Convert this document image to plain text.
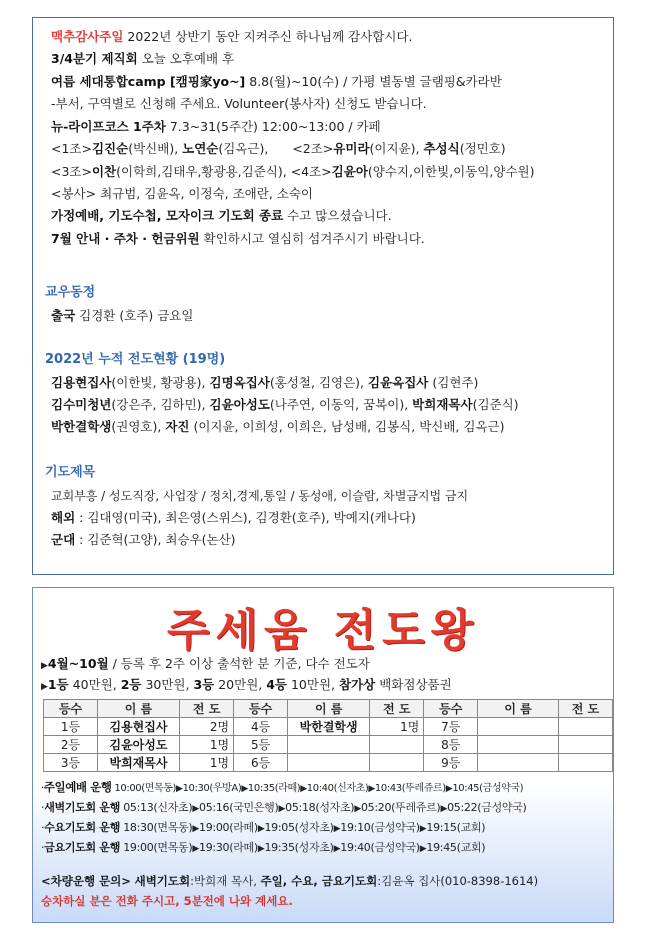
맥추감사주일 2022년 상반기 동안 지켜주신 하나님께 감사합시다.
3/4분기 제직회 오늘 오후예배 후
여름 세대통합camp [캠핑家yo~] 8.8(월)~10(수) / 가평 별동별 글램핑&카라반
-부서, 구역별로 신청해 주세요. Volunteer(봉사자) 신청도 받습니다.
뉴-라이프코스 1주차 7.3~31(5주간) 12:00~13:00 / 카페
<1조>김진순(박신배), 노연순(김옥근), <2조>유미라(이지윤), 추성식(정민호)
<3조>이찬(이학희,김태우,황광용,김준식), <4조>김윤아(양수지,이한빛,이동익,양수원)
<봉사> 최규범, 김윤옥, 이정숙, 조애란, 소숙이
가정예배, 기도수첩, 모자이크 기도회 종료 수고 많으셨습니다.
7월 안내 · 주차 · 헌금위원 확인하시고 열심히 섬겨주시기 바랍니다.
교우동정
출국 김경환 (호주) 금요일
2022년 누적 전도현황 (19명)
김용현집사(이한빛, 황광용), 김명옥집사(홍성철, 김영은), 김윤옥집사 (김현주)
김수미청년(강은주, 김하민), 김윤아성도(나주연, 이동익, 꿈복이), 박희재목사(김준식)
박한결학생(권영호), 자진 (이지윤, 이희성, 이희은, 남성배, 김봉식, 박신배, 김옥근)
기도제목
교회부흥 / 성도직장, 사업장 / 정치,경제,통일 / 동성애, 이슬람, 차별금지법 금지
해외 : 김대영(미국), 최은영(스위스), 김경환(호주), 박예지(캐나다)
군대 : 김준혁(고양), 최승우(논산)
주세움 전도왕
▶4월~10월 / 등록 후 2주 이상 출석한 분 기준, 다수 전도자
▶1등 40만원, 2등 30만원, 3등 20만원, 4등 10만원, 참가상 백화점상품권
등수	이 름	전 도	등수	이 름	전 도	등수	이 름	전 도
1등	김용현집사	2명	4등	박한결학생	1명	7등		
2등	김윤아성도	1명	5등			8등		
3등	박희재목사	1명	6등			9등		
·주일예배 운행 10:00(면목동)▶10:30(우방A)▶10:35(라떼)▶10:40(신자초)▶10:43(뚜레쥬르)▶10:45(금성약국)
·새벽기도회 운행 05:13(신자초)▶05:16(국민은행)▶05:18(성자초)▶05:20(뚜레쥬르)▶05:22(금성약국)
·수요기도회 운행 18:30(면목동)▶19:00(라떼)▶19:05(성자초)▶19:10(금성약국)▶19:15(교회)
·금요기도회 운행 19:00(면목동)▶19:30(라떼)▶19:35(성자초)▶19:40(금성약국)▶19:45(교회)
<차량운행 문의> 새벽기도회:박희재 목사, 주일, 수요, 금요기도회:김윤옥 집사(010-8398-1614)
승차하실 분은 전화 주시고, 5분전에 나와 계세요.
